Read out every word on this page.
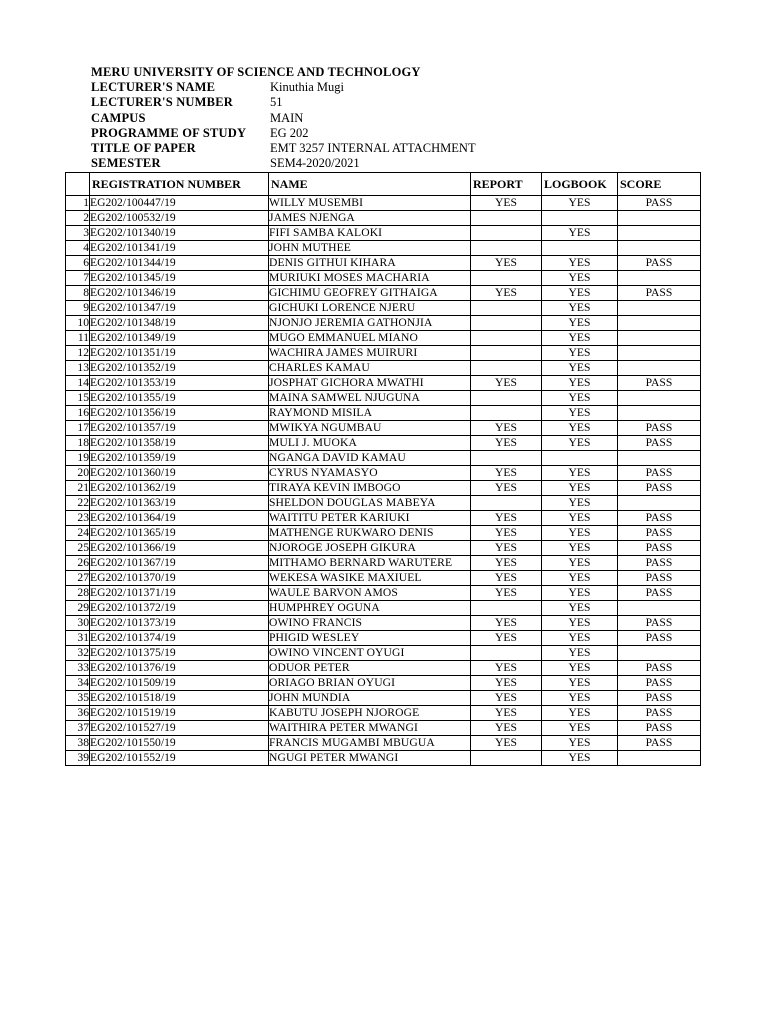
MERU UNIVERSITY OF SCIENCE AND TECHNOLOGY
LECTURER'S NAME	Kinuthia Mugi
LECTURER'S NUMBER	51
CAMPUS	MAIN
PROGRAMME OF STUDY EG 202
TITLE OF PAPER	EMT 3257 INTERNAL ATTACHMENT
SEMESTER	SEM4-2020/2021
	REGISTRATION NUMBER	NAME	REPORT	LOGBOOK	SCORE
1	EG202/100447/19	WILLY MUSEMBI	YES	YES	PASS
2	EG202/100532/19	JAMES NJENGA			
3	EG202/101340/19	FIFI SAMBA KALOKI		YES	
4	EG202/101341/19	JOHN MUTHEE			
6	EG202/101344/19	DENIS GITHUI KIHARA	YES	YES	PASS
7	EG202/101345/19	MURIUKI MOSES MACHARIA		YES	
8	EG202/101346/19	GICHIMU GEOFREY GITHAIGA	YES	YES	PASS
9	EG202/101347/19	GICHUKI LORENCE NJERU		YES	
10	EG202/101348/19	NJONJO JEREMIA GATHONJIA		YES	
11	EG202/101349/19	MUGO EMMANUEL MIANO		YES	
12	EG202/101351/19	WACHIRA JAMES MUIRURI		YES	
13	EG202/101352/19	CHARLES KAMAU		YES	
14	EG202/101353/19	JOSPHAT GICHORA MWATHI	YES	YES	PASS
15	EG202/101355/19	MAINA SAMWEL NJUGUNA		YES	
16	EG202/101356/19	RAYMOND MISILA		YES	
17	EG202/101357/19	MWIKYA NGUMBAU	YES	YES	PASS
18	EG202/101358/19	MULI J. MUOKA	YES	YES	PASS
19	EG202/101359/19	NGANGA DAVID KAMAU			
20	EG202/101360/19	CYRUS NYAMASYO	YES	YES	PASS
21	EG202/101362/19	TIRAYA KEVIN IMBOGO	YES	YES	PASS
22	EG202/101363/19	SHELDON DOUGLAS MABEYA		YES	
23	EG202/101364/19	WAITITU PETER KARIUKI	YES	YES	PASS
24	EG202/101365/19	MATHENGE RUKWARO DENIS	YES	YES	PASS
25	EG202/101366/19	NJOROGE JOSEPH GIKURA	YES	YES	PASS
26	EG202/101367/19	MITHAMO BERNARD WARUTERE	YES	YES	PASS
27	EG202/101370/19	WEKESA WASIKE MAXIUEL	YES	YES	PASS
28	EG202/101371/19	WAULE BARVON AMOS	YES	YES	PASS
29	EG202/101372/19	HUMPHREY OGUNA		YES	
30	EG202/101373/19	OWINO FRANCIS	YES	YES	PASS
31	EG202/101374/19	PHIGID WESLEY	YES	YES	PASS
32	EG202/101375/19	OWINO VINCENT OYUGI		YES	
33	EG202/101376/19	ODUOR PETER	YES	YES	PASS
34	EG202/101509/19	ORIAGO BRIAN OYUGI	YES	YES	PASS
35	EG202/101518/19	JOHN MUNDIA	YES	YES	PASS
36	EG202/101519/19	KABUTU JOSEPH NJOROGE	YES	YES	PASS
37	EG202/101527/19	WAITHIRA PETER MWANGI	YES	YES	PASS
38	EG202/101550/19	FRANCIS MUGAMBI MBUGUA	YES	YES	PASS
39	EG202/101552/19	NGUGI PETER MWANGI		YES	
